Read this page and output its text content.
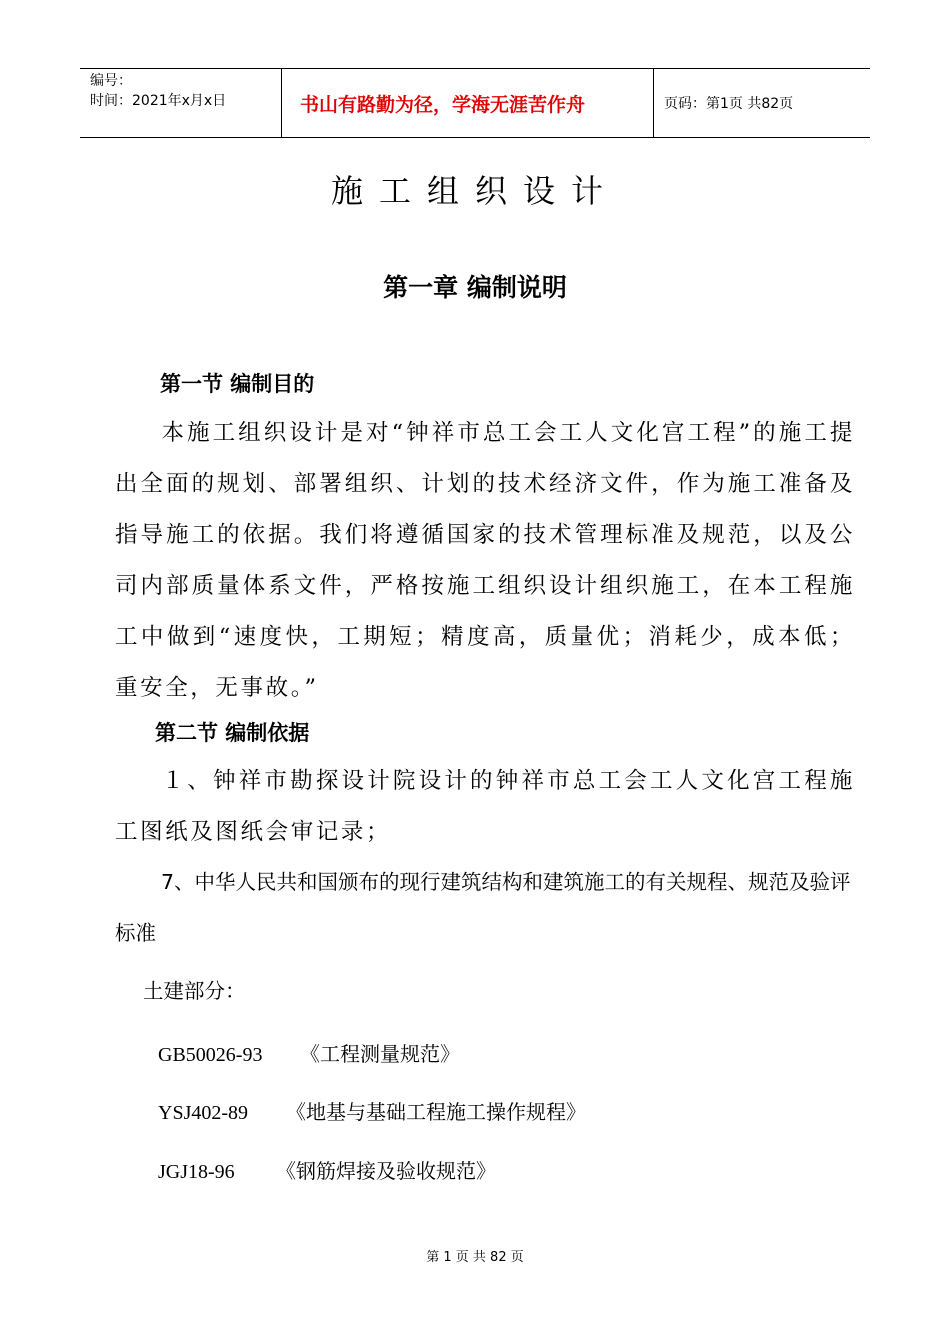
编号：
时间：2021年x月x日	书山有路勤为径，学海无涯苦作舟	页码：第1页 共82页
施工组织设计
第一章 编制说明
第一节 编制目的
本施工组织设计是对“钟祥市总工会工人文化宫工程”的施工提出全面的规划、部署组织、计划的技术经济文件，作为施工准备及指导施工的依据。我们将遵循国家的技术管理标准及规范，以及公司内部质量体系文件，严格按施工组织设计组织施工，在本工程施工中做到“速度快，工期短；精度高，质量优；消耗少，成本低；重安全，无事故。”
第二节 编制依据
１、钟祥市勘探设计院设计的钟祥市总工会工人文化宫工程施工图纸及图纸会审记录；
7、中华人民共和国颁布的现行建筑结构和建筑施工的有关规程、规范及验评标准
土建部分：
GB50026-93 《工程测量规范》
YSJ402-89 《地基与基础工程施工操作规程》
JGJ18-96 《钢筋焊接及验收规范》
第 1 页 共 82 页
